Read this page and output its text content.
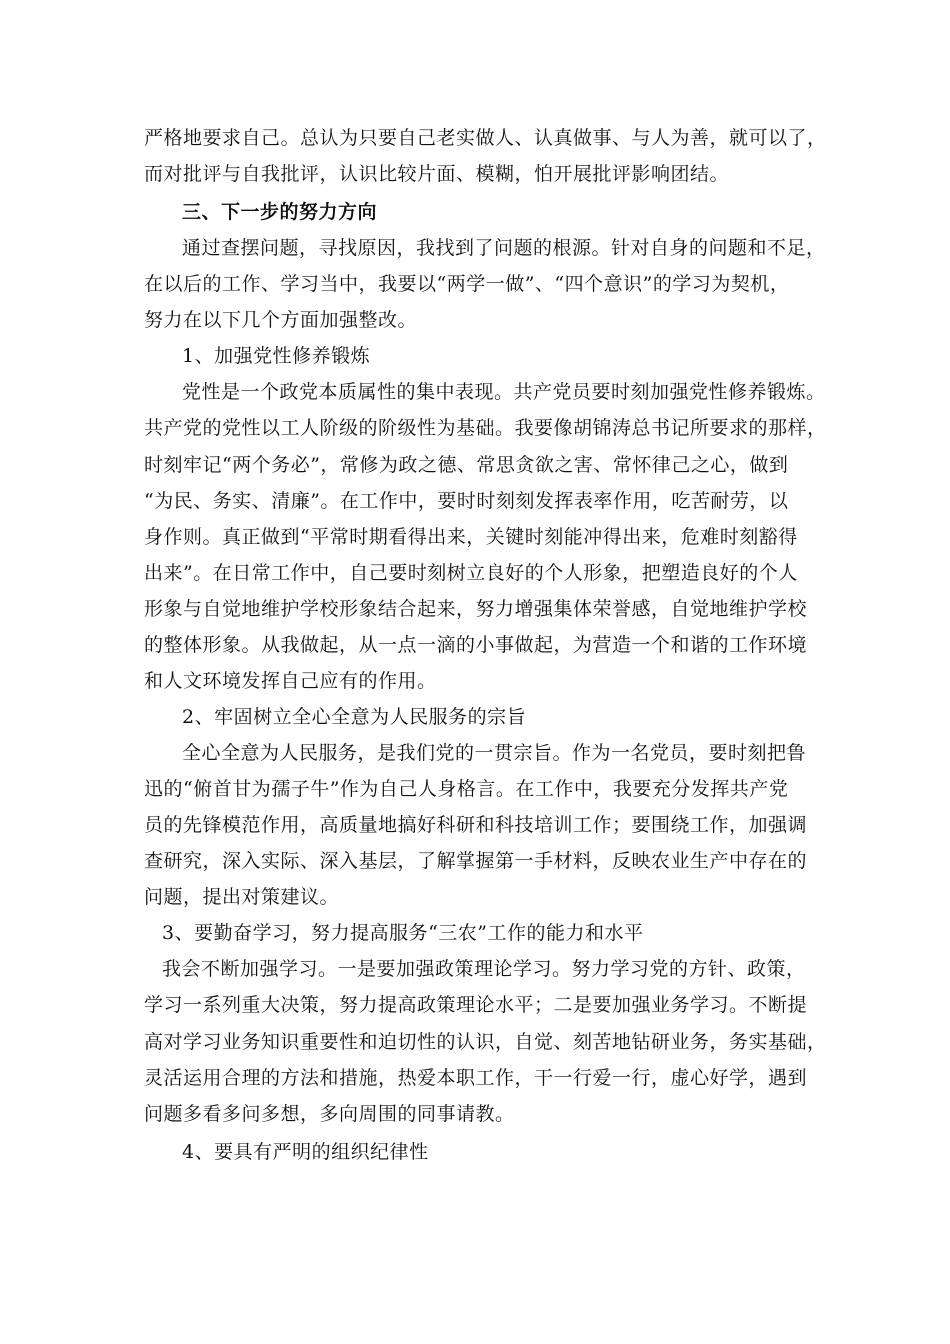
严格地要求自己。总认为只要自己老实做人、认真做事、与人为善，就可以了，
而对批评与自我批评，认识比较片面、模糊，怕开展批评影响团结。
三、下一步的努力方向
通过查摆问题，寻找原因，我找到了问题的根源。针对自身的问题和不足，
在以后的工作、学习当中，我要以“两学一做”、“四个意识”的学习为契机，
努力在以下几个方面加强整改。
1、加强党性修养锻炼
党性是一个政党本质属性的集中表现。共产党员要时刻加强党性修养锻炼。
共产党的党性以工人阶级的阶级性为基础。我要像胡锦涛总书记所要求的那样，
时刻牢记“两个务必”，常修为政之德、常思贪欲之害、常怀律己之心，做到
“为民、务实、清廉”。在工作中，要时时刻刻发挥表率作用，吃苦耐劳，以
身作则。真正做到“平常时期看得出来，关键时刻能冲得出来，危难时刻豁得
出来”。在日常工作中，自己要时刻树立良好的个人形象，把塑造良好的个人
形象与自觉地维护学校形象结合起来，努力增强集体荣誉感，自觉地维护学校
的整体形象。从我做起，从一点一滴的小事做起，为营造一个和谐的工作环境
和人文环境发挥自己应有的作用。
2、牢固树立全心全意为人民服务的宗旨
全心全意为人民服务，是我们党的一贯宗旨。作为一名党员，要时刻把鲁
迅的“俯首甘为孺子牛”作为自己人身格言。在工作中，我要充分发挥共产党
员的先锋模范作用，高质量地搞好科研和科技培训工作；要围绕工作，加强调
查研究，深入实际、深入基层，了解掌握第一手材料，反映农业生产中存在的
问题，提出对策建议。
3、要勤奋学习，努力提高服务“三农”工作的能力和水平
我会不断加强学习。一是要加强政策理论学习。努力学习党的方针、政策，
学习一系列重大决策，努力提高政策理论水平；二是要加强业务学习。不断提
高对学习业务知识重要性和迫切性的认识，自觉、刻苦地钻研业务，务实基础，
灵活运用合理的方法和措施，热爱本职工作，干一行爱一行，虚心好学，遇到
问题多看多问多想，多向周围的同事请教。
4、要具有严明的组织纪律性
